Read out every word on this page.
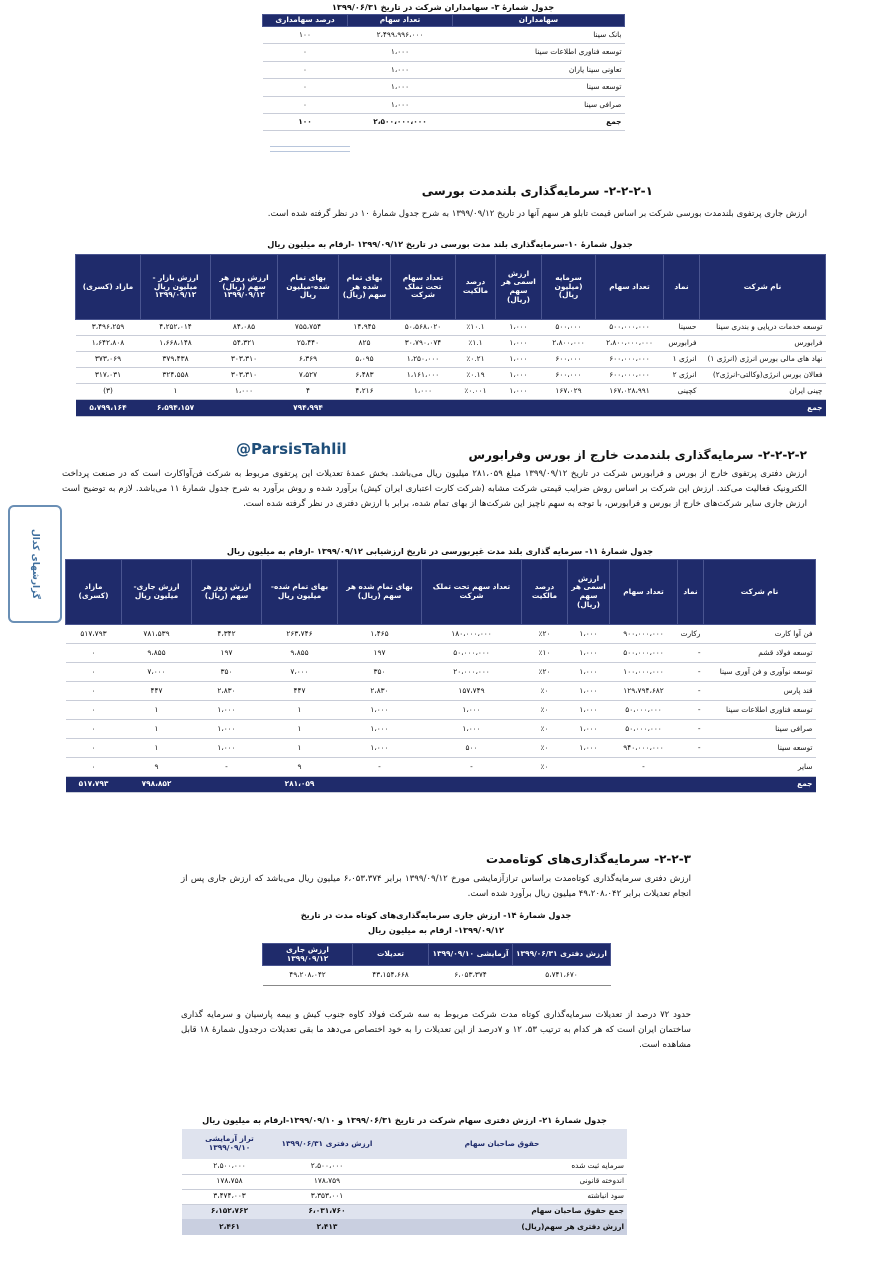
جدول شمارهٔ ۳- سهامداران شرکت در تاریخ ۱۳۹۹/۰۶/۳۱
سهامداران	تعداد سهام	درصد سهامداری
بانک سینا	۲،۴۹۹،۹۹۶،۰۰۰	۱۰۰
توسعه فناوری اطلاعات سینا	۱،۰۰۰	۰
تعاونی سینا یاران	۱،۰۰۰	۰
توسعه سینا	۱،۰۰۰	۰
صرافی سینا	۱،۰۰۰	۰
جمع	۲،۵۰۰،۰۰۰،۰۰۰	۱۰۰
۲-۲-۲-۱- سرمایه‌گذاری بلندمدت بورسی
ارزش جاری پرتفوی بلندمدت بورسی شرکت بر اساس قیمت تابلو هر سهم آنها در تاریخ ۱۳۹۹/۰۹/۱۲ به شرح جدول شمارهٔ ۱۰ در نظر گرفته شده است.
جدول شمارهٔ ۱۰-سرمایه‌گذاری بلند مدت بورسی در تاریخ ۱۳۹۹/۰۹/۱۲ -ارقام به میلیون ریال
نام شرکت	نماد	تعداد سهام	سرمایه (میلیون ریال)	ارزش اسمی هر سهم (ریال)	درصد مالکیت	تعداد سهام تحت تملک شرکت	بهای تمام شده هر سهم (ریال)	بهای تمام شده-میلیون ریال	ارزش روز هر سهم (ریال) ۱۳۹۹/۰۹/۱۲	ارزش بازار - میلیون ریال ۱۳۹۹/۰۹/۱۲	مازاد (کسری)
توسعه خدمات دریایی و بندری سینا	حسینا	۵۰۰،۰۰۰،۰۰۰	۵۰۰،۰۰۰	۱،۰۰۰	٪۱۰.۱	۵۰،۵۶۸،۰۲۰	۱۴،۹۴۵	۷۵۵،۷۵۴	۸۴،۰۸۵	۴،۲۵۲،۰۱۴	۳،۴۹۶،۲۵۹
فرابورس	فرابورس	۲،۸۰۰،۰۰۰،۰۰۰	۲،۸۰۰،۰۰۰	۱،۰۰۰	٪۱.۱	۳۰،۷۹۰،۰۷۴	۸۲۵	۲۵،۴۴۰	۵۴،۳۲۱	۱،۶۶۸،۱۴۸	۱،۶۴۲،۸۰۸
نهاد های مالی بورس انرژی (انرژی ۱)	انرژی ۱	۶۰۰،۰۰۰،۰۰۰	۶۰۰،۰۰۰	۱،۰۰۰	٪۰.۲۱	۱،۲۵۰،۰۰۰	۵،۰۹۵	۶،۳۶۹	۳۰۳،۳۱۰	۳۷۹،۴۳۸	۳۷۳،۰۶۹
فعالان بورس انرژی(وکالتی-انرژی۲)	انرژی ۲	۶۰۰،۰۰۰،۰۰۰	۶۰۰،۰۰۰	۱،۰۰۰	٪۰.۱۹	۱،۱۶۱،۰۰۰	۶،۴۸۳	۷،۵۲۷	۳۰۳،۳۱۰	۳۲۴،۵۵۸	۳۱۷،۰۳۱
چینی ایران	کچینی	۱۶۷،۰۲۸،۹۹۱	۱۶۷،۰۲۹	۱،۰۰۰	٪۰.۰۰۱	۱،۰۰۰	۴،۲۱۶	۴	۱،۰۰۰	۱	(۳)
جمع								۷۹۴،۹۹۴		۶،۵۹۴،۱۵۷	۵،۷۹۹،۱۶۴
@ParsisTahlil
گزارشهای کدال
۲-۲-۲-۲- سرمایه‌گذاری بلندمدت خارج از بورس وفرابورس
ارزش دفتری پرتفوی خارج از بورس و فرابورس شرکت در تاریخ ۱۳۹۹/۰۹/۱۲ مبلغ ۲۸۱،۰۵۹ میلیون ریال می‌باشد. بخش عمدهٔ تعدیلات این پرتفوی مربوط به شرکت فن‌آواکارت است که در صنعت پرداخت الکترونیک فعالیت می‌کند. ارزش این شرکت بر اساس روش ضرایب قیمتی شرکت مشابه (شرکت کارت اعتباری ایران کیش) برآورد شده و روش برآورد به شرح جدول شمارهٔ ۱۱ می‌باشد. لازم به توضیح است ارزش جاری سایر شرکت‌های خارج از بورس و فرابورس، با توجه به سهم ناچیز این شرکت‌ها از بهای تمام شده، برابر با ارزش دفتری در نظر گرفته شده است.
جدول شمارهٔ ۱۱- سرمایه گذاری بلند مدت غیربورسی در تاریخ ارزشیابی ۱۳۹۹/۰۹/۱۲ -ارقام به میلیون ریال
نام شرکت	نماد	تعداد سهام	ارزش اسمی هر سهم (ریال)	درصد مالکیت	تعداد سهم تحت تملک شرکت	بهای تمام شده هر سهم (ریال)	بهای تمام شده- میلیون ریال	ارزش روز هر سهم (ریال)	ارزش جاری- میلیون ریال	مازاد (کسری)
فن آوا کارت	رکارت	۹۰۰،۰۰۰،۰۰۰	۱،۰۰۰	٪۲۰	۱۸۰،۰۰۰،۰۰۰	۱،۴۶۵	۲۶۳،۷۴۶	۴،۳۴۲	۷۸۱،۵۳۹	۵۱۷،۷۹۳
توسعه فولاد قشم	-	۵۰۰،۰۰۰،۰۰۰	۱،۰۰۰	٪۱۰	۵۰،۰۰۰،۰۰۰	۱۹۷	۹،۸۵۵	۱۹۷	۹،۸۵۵	۰
توسعه نوآوری و فن آوری سینا	-	۱۰۰،۰۰۰،۰۰۰	۱،۰۰۰	٪۲۰	۲۰،۰۰۰،۰۰۰	۳۵۰	۷،۰۰۰	۳۵۰	۷،۰۰۰	۰
قند پارس	-	۱۲۹،۷۹۴،۶۸۲	۱،۰۰۰	٪۰	۱۵۷،۷۴۹	۲،۸۳۰	۴۴۷	۲،۸۳۰	۴۴۷	۰
توسعه فناوری اطلاعات سینا	-	۵۰،۰۰۰،۰۰۰	۱،۰۰۰	٪۰	۱،۰۰۰	۱،۰۰۰	۱	۱،۰۰۰	۱	۰
صرافی سینا	-	۵۰،۰۰۰،۰۰۰	۱،۰۰۰	٪۰	۱،۰۰۰	۱،۰۰۰	۱	۱،۰۰۰	۱	۰
توسعه سینا	-	۹۴۰،۰۰۰،۰۰۰	۱،۰۰۰	٪۰	۵۰۰	۱،۰۰۰	۱	۱،۰۰۰	۱	۰
سایر		-		٪۰	-	-	۹	-	۹	۰
جمع							۲۸۱،۰۵۹		۷۹۸،۸۵۲	۵۱۷،۷۹۳
۲-۲-۳- سرمایه‌گذاری‌های کوتاه‌مدت
ارزش دفتری سرمایه‌گذاری کوتاه‌مدت براساس ترازآزمایشی مورخ ۱۳۹۹/۰۹/۱۲ برابر ۶،۰۵۳،۳۷۴ میلیون ریال می‌باشد که ارزش جاری پس از انجام تعدیلات برابر ۴۹،۲۰۸،۰۴۲ میلیون ریال برآورد شده است.
جدول شمارهٔ ۱۴- ارزش جاری سرمایه‌گذاری‌های کوتاه مدت در تاریخ
۱۳۹۹/۰۹/۱۲- ارقام به میلیون ریال
ارزش دفتری ۱۳۹۹/۰۶/۳۱	آزمایشی ۱۳۹۹/۰۹/۱۰	تعدیلات	ارزش جاری ۱۳۹۹/۰۹/۱۲
۵،۷۴۱،۶۷۰	۶،۰۵۳،۳۷۴	۴۳،۱۵۴،۶۶۸	۴۹،۲۰۸،۰۴۲
حدود ۷۲ درصد از تعدیلات سرمایه‌گذاری کوتاه مدت شرکت مربوط به سه شرکت فولاد کاوه جنوب کیش و بیمه پارسیان و سرمایه گذاری ساختمان ایران است که هر کدام به ترتیب ۵۳، ۱۲ و ۷درصد از این تعدیلات را به خود اختصاص می‌دهد ما بقی تعدیلات درجدول شمارهٔ ۱۸ قابل مشاهده است.
جدول شمارهٔ ۲۱- ارزش دفتری سهام شرکت در تاریخ ۱۳۹۹/۰۶/۳۱ و ۱۳۹۹/۰۹/۱۰-ارقام به میلیون ریال
حقوق صاحبان سهام	ارزش دفتری ۱۳۹۹/۰۶/۳۱	تراز آزمایشی ۱۳۹۹/۰۹/۱۰
سرمایه ثبت شده	۲،۵۰۰،۰۰۰	۲،۵۰۰،۰۰۰
اندوخته قانونی	۱۷۸،۷۵۹	۱۷۸،۷۵۸
سود انباشته	۳،۳۵۳،۰۰۱	۳،۴۷۴،۰۰۳
جمع حقوق صاحبان سهام	۶،۰۳۱،۷۶۰	۶،۱۵۲،۷۶۲
ارزش دفتری هر سهم(ریال)	۲،۴۱۳	۲،۴۶۱
